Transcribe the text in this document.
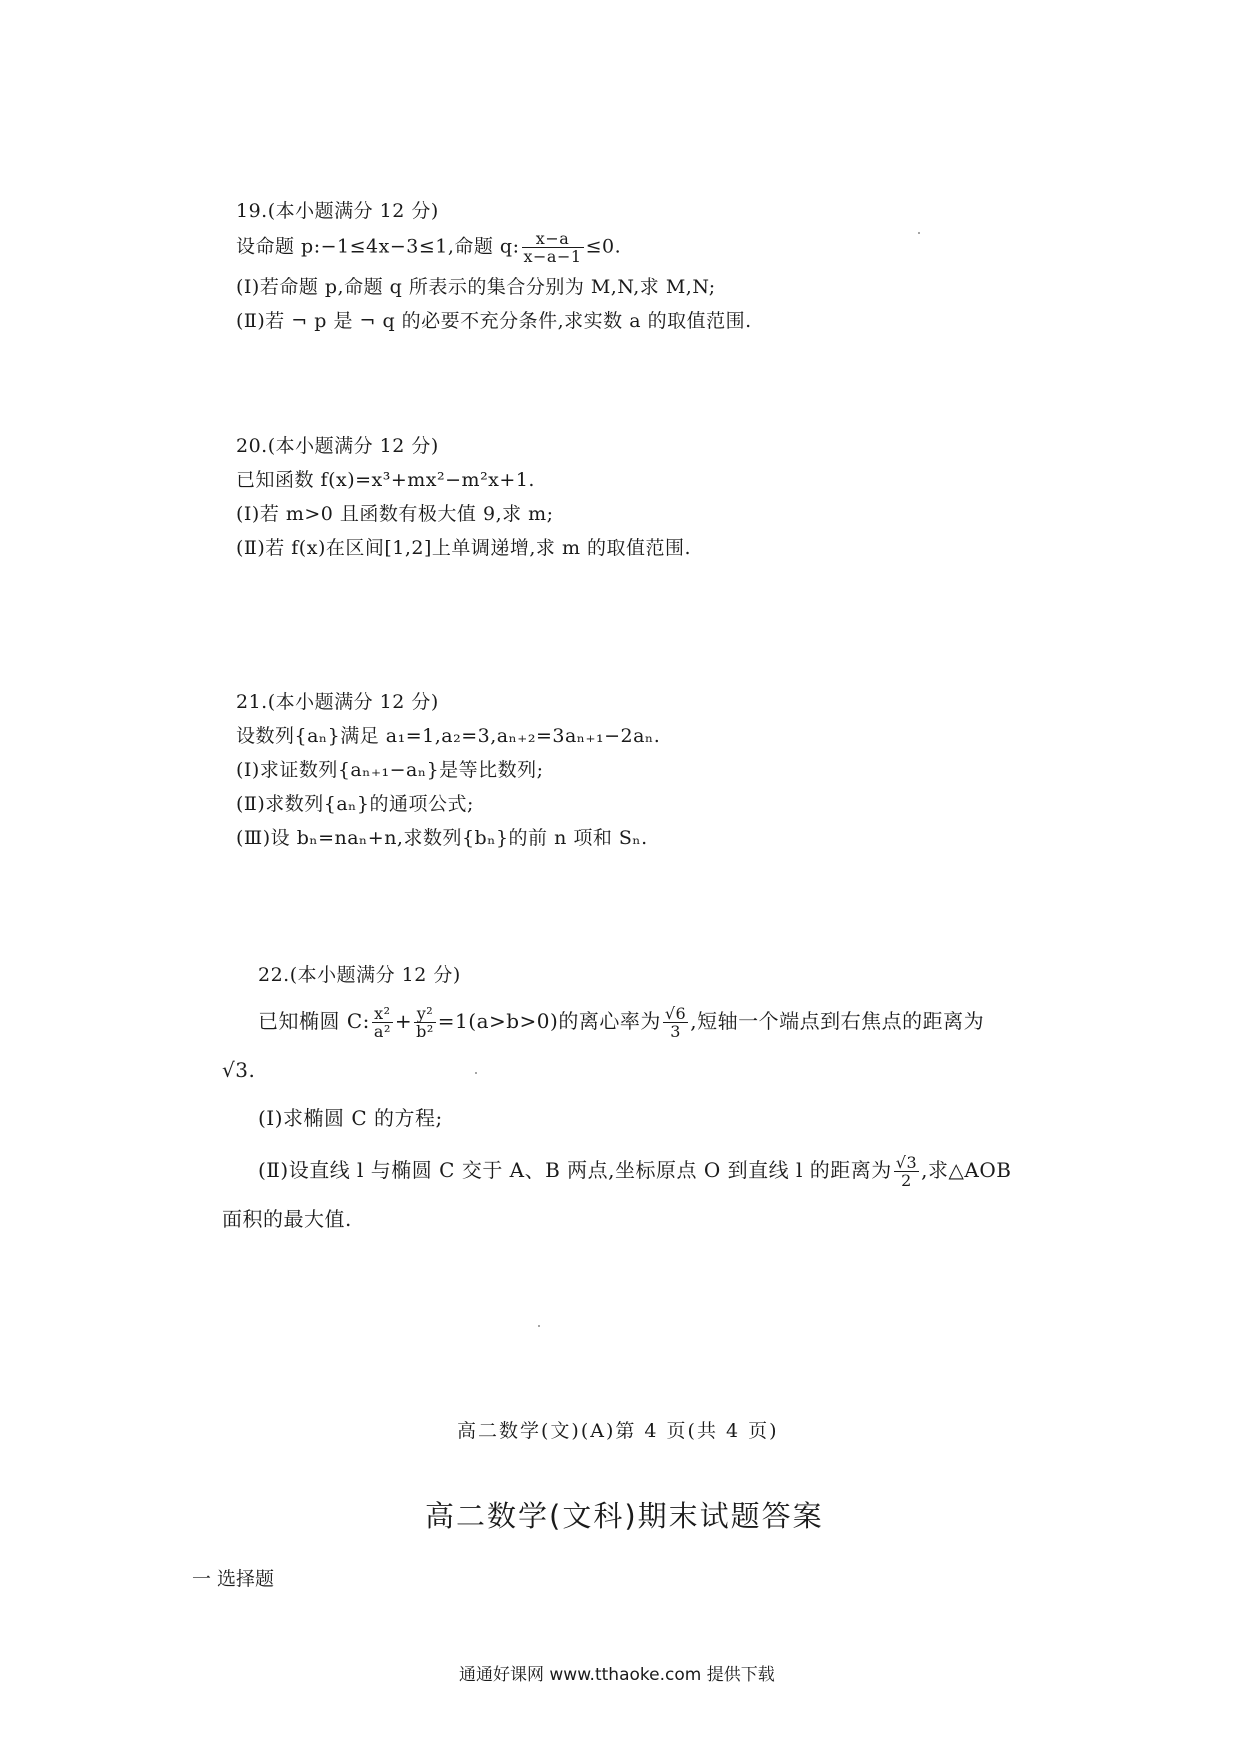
19.(本小题满分 12 分)
设命题 p:−1≤4x−3≤1,命题 q: $\frac{x-a}{x-a-1} \le 0$.
(Ⅰ)若命题 p,命题 q 所表示的集合分别为 M,N,求 M,N;
(Ⅱ)若 ¬ p 是 ¬ q 的必要不充分条件,求实数 a 的取值范围.
20.(本小题满分 12 分)
已知函数 f(x)=x³+mx²−m²x+1.
(Ⅰ)若 m>0 且函数有极大值 9,求 m;
(Ⅱ)若 f(x)在区间[1,2]上单调递增,求 m 的取值范围.
21.(本小题满分 12 分)
设数列{aₙ}满足 a₁=1,a₂=3,aₙ₊₂=3aₙ₊₁−2aₙ.
(Ⅰ)求证数列{aₙ₊₁−aₙ}是等比数列;
(Ⅱ)求数列{aₙ}的通项公式;
(Ⅲ)设 bₙ=naₙ+n,求数列{bₙ}的前 n 项和 Sₙ.
22.(本小题满分 12 分)
已知椭圆 C: $\frac{\text{x²}}{\text{a²}} + \frac{\text{y²}}{\text{b²}} =1(a>b>0)$的离心率为 $\frac{√6}{3}$ ,短轴一个端点到右焦点的距离为
√3.
(Ⅰ)求椭圆 C 的方程;
(Ⅱ)设直线 l 与椭圆 C 交于 A、B 两点,坐标原点 O 到直线 l 的距离为 $\frac{√3}{2}$ ,求△AOB
面积的最大值.
高二数学(文)(A)第 4 页(共 4 页)
高二数学(文科)期末试题答案
一 选择题
通通好课网 www.tthaoke.com 提供下载
